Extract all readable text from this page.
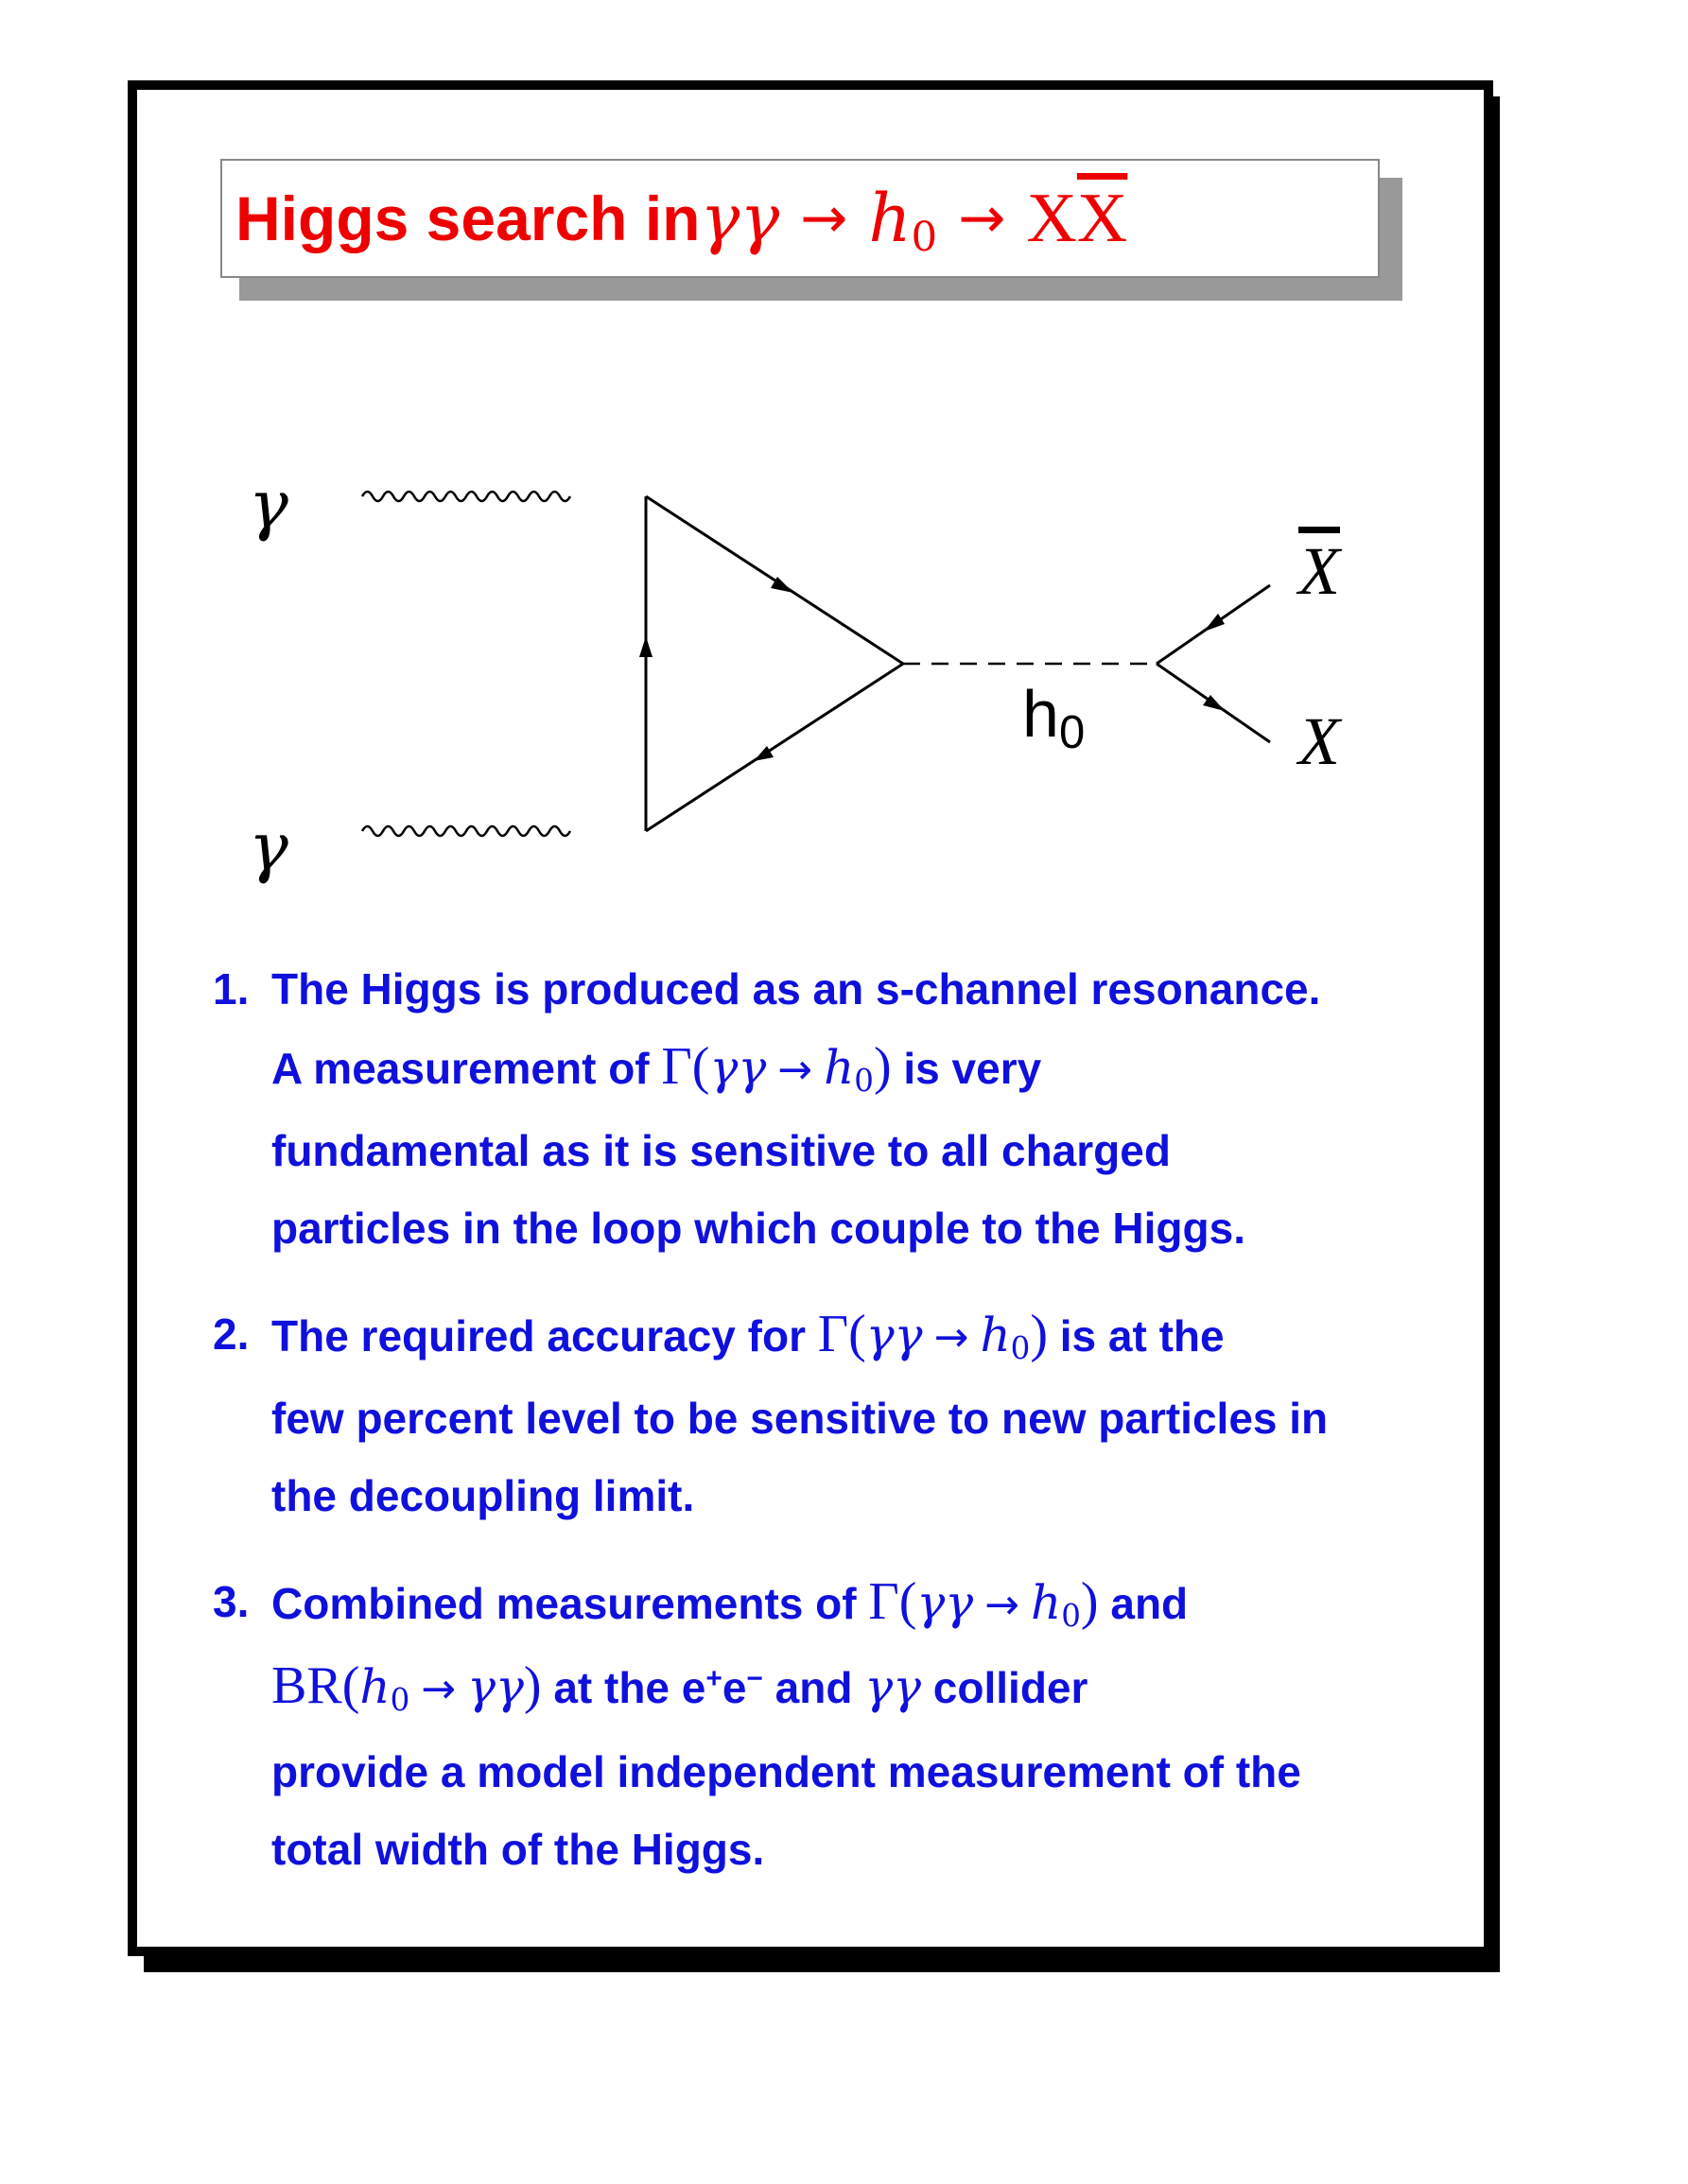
Higgs search in γγ → h0 → X $\overline{X}$
γ
γ
$\overline{X}$
X
h0
1. The Higgs is produced as an s-channel resonance.
A measurement of Γ(γγ → h0) is very
fundamental as it is sensitive to all charged
particles in the loop which couple to the Higgs.
2. The required accuracy for Γ(γγ → h0) is at the
few percent level to be sensitive to new particles in
the decoupling limit.
3. Combined measurements of Γ(γγ → h0) and
BR(h0 → γγ) at the e+e− and γγ collider
provide a model independent measurement of the
total width of the Higgs.
